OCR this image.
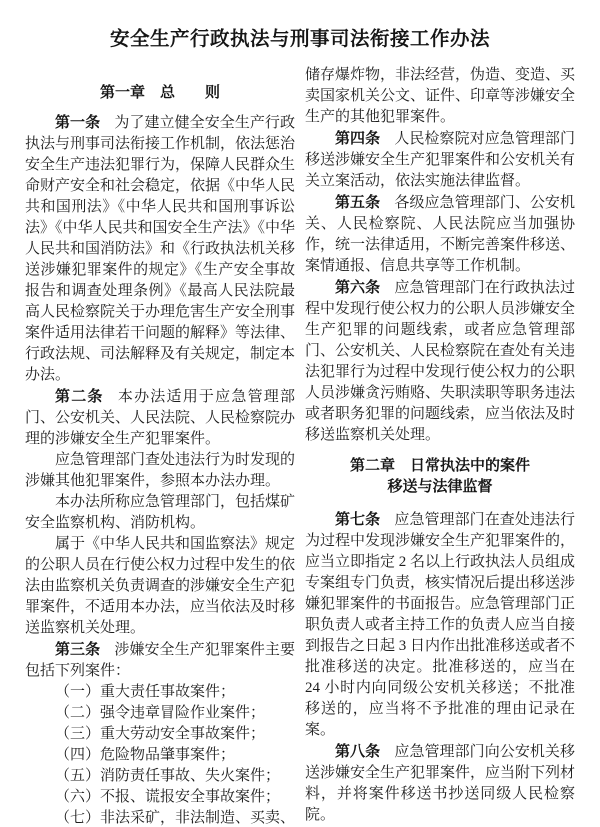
安全生产行政执法与刑事司法衔接工作办法
第一章　总　　则

第一条 为了建立健全安全生产行政执法与刑事司法衔接工作机制，依法惩治安全生产违法犯罪行为，保障人民群众生命财产安全和社会稳定，依据《中华人民共和国刑法》《中华人民共和国刑事诉讼法》《中华人民共和国安全生产法》《中华人民共和国消防法》和《行政执法机关移送涉嫌犯罪案件的规定》《生产安全事故报告和调查处理条例》《最高人民法院最高人民检察院关于办理危害生产安全刑事案件适用法律若干问题的解释》等法律、行政法规、司法解释及有关规定，制定本办法。

第二条 本办法适用于应急管理部门、公安机关、人民法院、人民检察院办理的涉嫌安全生产犯罪案件。

应急管理部门查处违法行为时发现的涉嫌其他犯罪案件，参照本办法办理。

本办法所称应急管理部门，包括煤矿安全监察机构、消防机构。

属于《中华人民共和国监察法》规定的公职人员在行使公权力过程中发生的依法由监察机关负责调查的涉嫌安全生产犯罪案件，不适用本办法，应当依法及时移送监察机关处理。

第三条 涉嫌安全生产犯罪案件主要包括下列案件：

（一）重大责任事故案件；

（二）强令违章冒险作业案件；

（三）重大劳动安全事故案件；

（四）危险物品肇事案件；

（五）消防责任事故、失火案件；

（六）不报、谎报安全事故案件；

（七）非法采矿，非法制造、买卖、

储存爆炸物，非法经营，伪造、变造、买卖国家机关公文、证件、印章等涉嫌安全生产的其他犯罪案件。

第四条 人民检察院对应急管理部门移送涉嫌安全生产犯罪案件和公安机关有关立案活动，依法实施法律监督。

第五条 各级应急管理部门、公安机关、人民检察院、人民法院应当加强协作，统一法律适用，不断完善案件移送、案情通报、信息共享等工作机制。

第六条 应急管理部门在行政执法过程中发现行使公权力的公职人员涉嫌安全生产犯罪的问题线索，或者应急管理部门、公安机关、人民检察院在查处有关违法犯罪行为过程中发现行使公权力的公职人员涉嫌贪污贿赂、失职渎职等职务违法或者职务犯罪的问题线索，应当依法及时移送监察机关处理。

第二章　日常执法中的案件
移送与法律监督

第七条 应急管理部门在查处违法行为过程中发现涉嫌安全生产犯罪案件的，应当立即指定 2 名以上行政执法人员组成专案组专门负责，核实情况后提出移送涉嫌犯罪案件的书面报告。应急管理部门正职负责人或者主持工作的负责人应当自接到报告之日起 3 日内作出批准移送或者不批准移送的决定。批准移送的，应当在 24 小时内向同级公安机关移送；不批准移送的，应当将不予批准的理由记录在案。

第八条 应急管理部门向公安机关移送涉嫌安全生产犯罪案件，应当附下列材料，并将案件移送书抄送同级人民检察院。
